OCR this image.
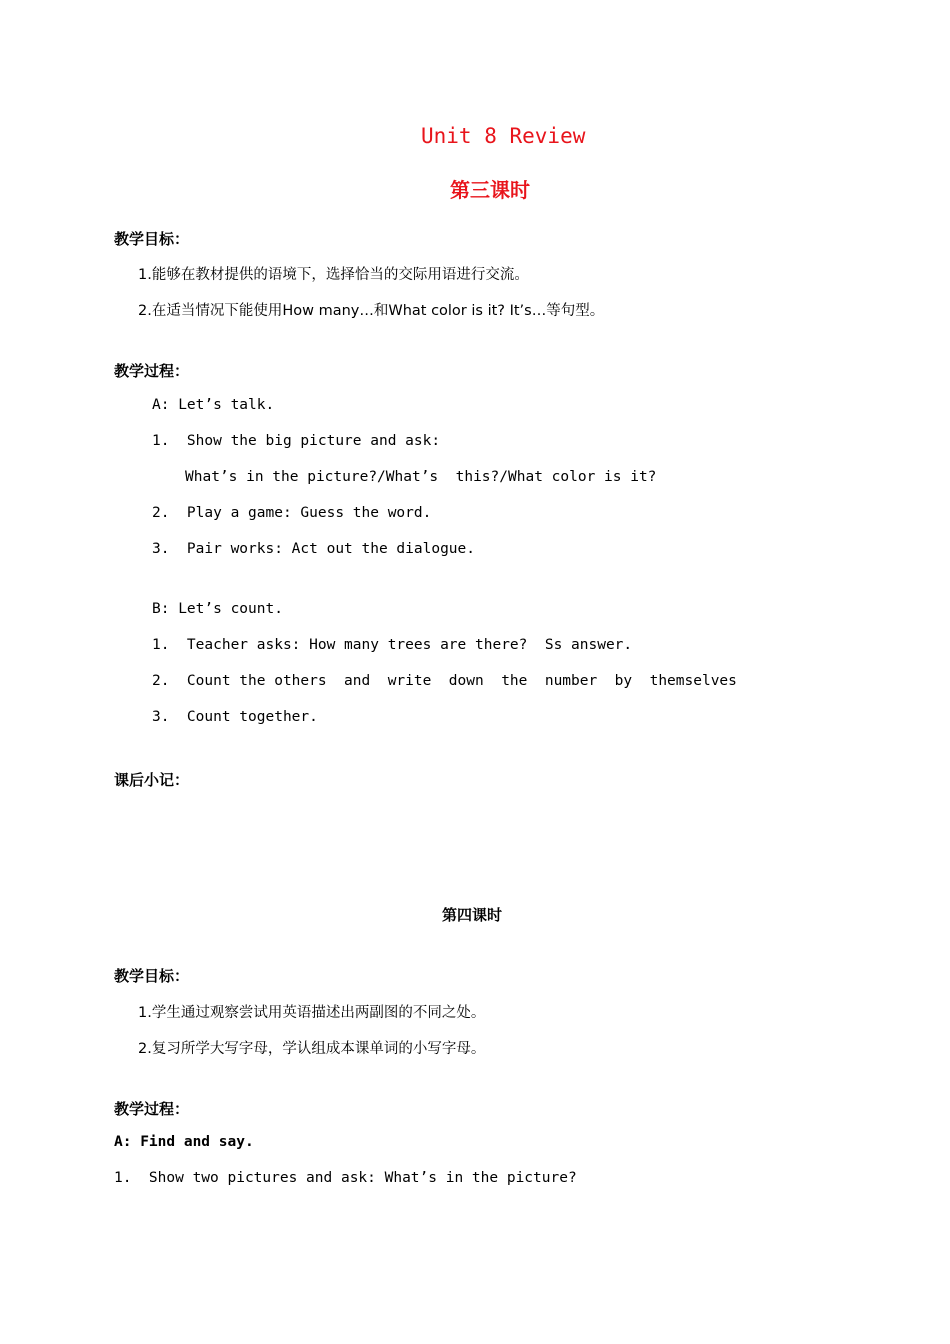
Unit 8 Review
第三课时
教学目标：
1.能够在教材提供的语境下，选择恰当的交际用语进行交流。
2.在适当情况下能使用How many…和What color is it? It’s…等句型。
教学过程：
A: Let’s talk.
1.  Show the big picture and ask:
What’s in the picture?/What’s  this?/What color is it?
2.  Play a game: Guess the word.
3.  Pair works: Act out the dialogue.
B: Let’s count.
1.  Teacher asks: How many trees are there?  Ss answer.
2.  Count the others  and  write  down  the  number  by  themselves
3.  Count together.
课后小记：
第四课时
教学目标：
1.学生通过观察尝试用英语描述出两副图的不同之处。
2.复习所学大写字母，学认组成本课单词的小写字母。
教学过程：
A: Find and say.
1.  Show two pictures and ask: What’s in the picture?
